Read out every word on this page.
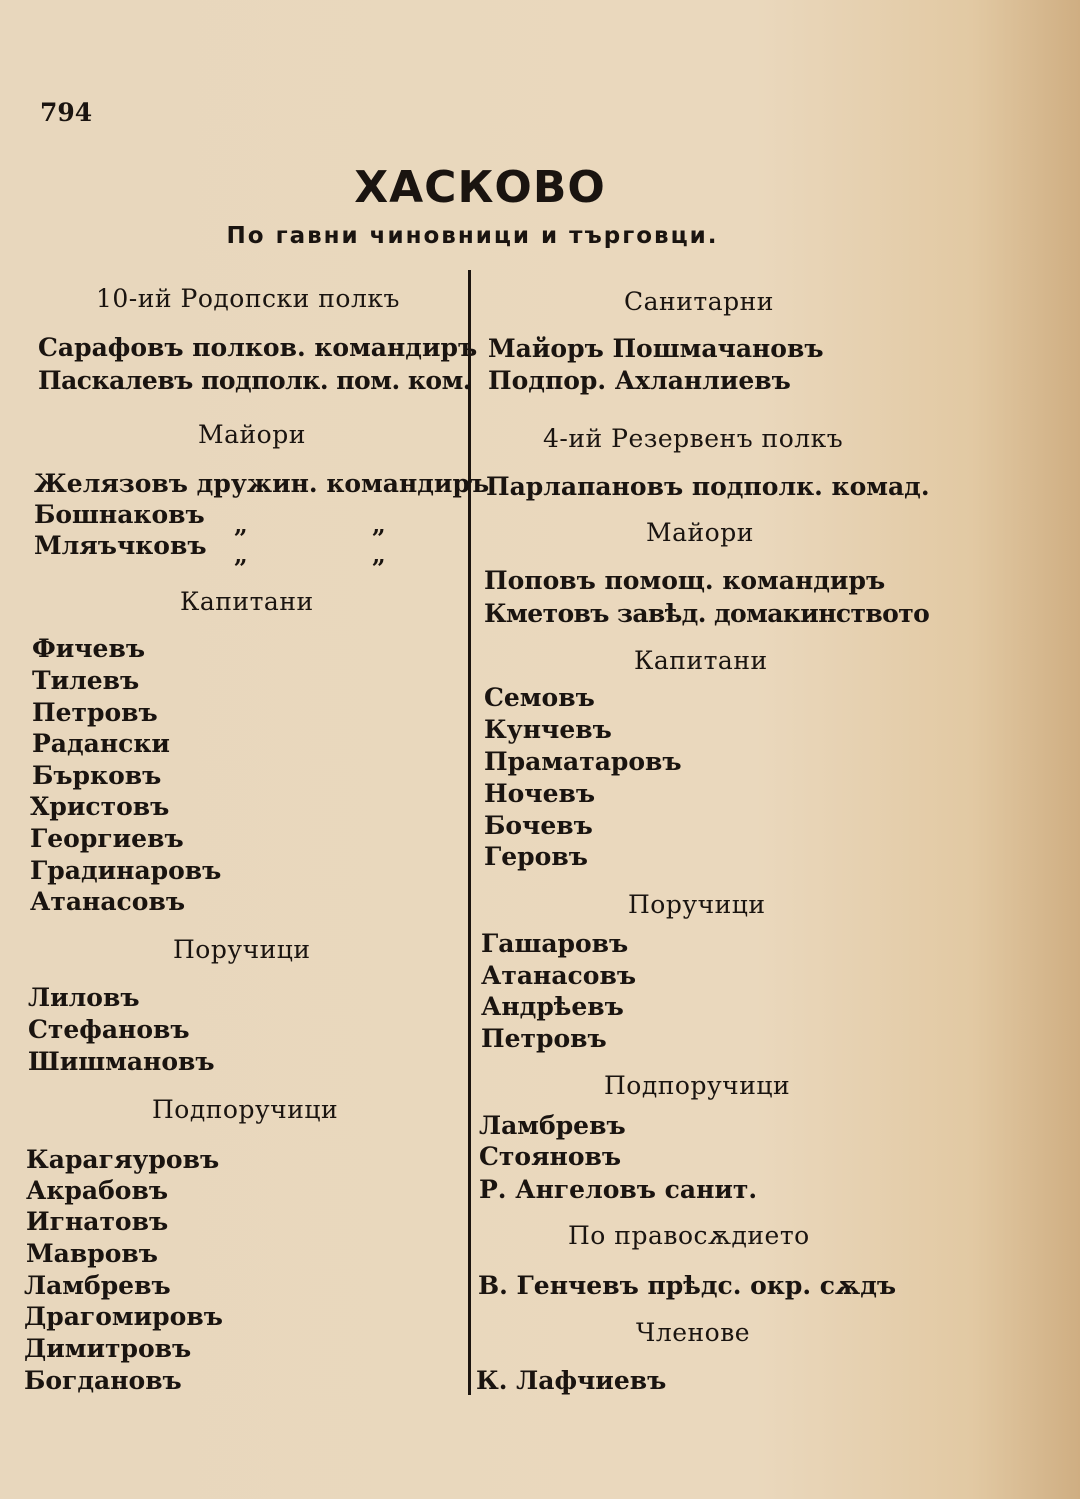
794
ХАСКОВО
По гавни чиновници и търговци.
10-ий Родопски полкъ
Сарафовъ полков. командиръ
Паскалевъ подполк. пом. ком.
Майори
Желязовъ дружин. командиръ
Бошнаковъ
Мляъчковъ
„	„
„	„
Капитани
Фичевъ
Тилевъ
Петровъ
Радански
Бърковъ
Христовъ
Георгиевъ
Градинаровъ
Атанасовъ
Поручици
Лиловъ
Стефановъ
Шишмановъ
Подпоручици
Карагяуровъ
Акрабовъ
Игнатовъ
Мавровъ
Ламбревъ
Драгомировъ
Димитровъ
Богдановъ
Санитарни
Майоръ Пошмачановъ
Подпор. Ахланлиевъ
4-ий Резервенъ полкъ
Парлапановъ подполк. комад.
Майори
Поповъ помощ. командиръ
Кметовъ завѣд. домакинството
Капитани
Семовъ
Кунчевъ
Праматаровъ
Ночевъ
Бочевъ
Геровъ
Поручици
Гашаровъ
Атанасовъ
Андрѣевъ
Петровъ
Подпоручици
Ламбревъ
Стояновъ
Р. Ангеловъ санит.
По правосѫдието
В. Генчевъ прѣдс. окр. сѫдъ
Членове
К. Лафчиевъ
